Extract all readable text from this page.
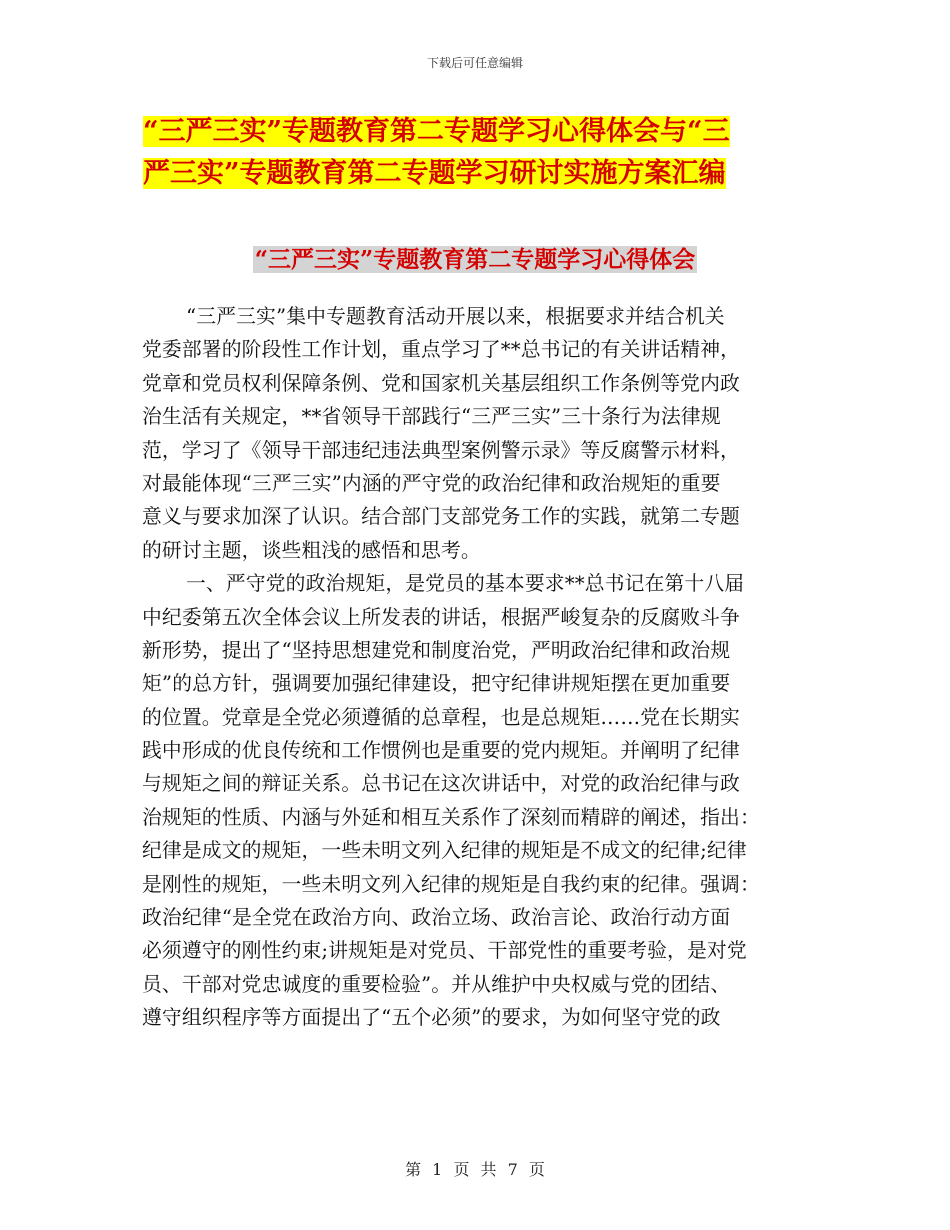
下载后可任意编辑
“三严三实”专题教育第二专题学习心得体会与“三
严三实”专题教育第二专题学习研讨实施方案汇编
“三严三实”专题教育第二专题学习心得体会
“三严三实”集中专题教育活动开展以来，根据要求并结合机关
党委部署的阶段性工作计划，重点学习了**总书记的有关讲话精神，
党章和党员权利保障条例、党和国家机关基层组织工作条例等党内政
治生活有关规定，**省领导干部践行“三严三实”三十条行为法律规
范，学习了《领导干部违纪违法典型案例警示录》等反腐警示材料，
对最能体现“三严三实”内涵的严守党的政治纪律和政治规矩的重要
意义与要求加深了认识。结合部门支部党务工作的实践，就第二专题
的研讨主题，谈些粗浅的感悟和思考。
一、严守党的政治规矩，是党员的基本要求**总书记在第十八届
中纪委第五次全体会议上所发表的讲话，根据严峻复杂的反腐败斗争
新形势，提出了“坚持思想建党和制度治党，严明政治纪律和政治规
矩”的总方针，强调要加强纪律建设，把守纪律讲规矩摆在更加重要
的位置。党章是全党必须遵循的总章程，也是总规矩……党在长期实
践中形成的优良传统和工作惯例也是重要的党内规矩。并阐明了纪律
与规矩之间的辩证关系。总书记在这次讲话中，对党的政治纪律与政
治规矩的性质、内涵与外延和相互关系作了深刻而精辟的阐述，指出：
纪律是成文的规矩，一些未明文列入纪律的规矩是不成文的纪律;纪律
是刚性的规矩，一些未明文列入纪律的规矩是自我约束的纪律。强调：
政治纪律“是全党在政治方向、政治立场、政治言论、政治行动方面
必须遵守的刚性约束;讲规矩是对党员、干部党性的重要考验，是对党
员、干部对党忠诚度的重要检验”。并从维护中央权威与党的团结、
遵守组织程序等方面提出了“五个必须”的要求，为如何坚守党的政
第 1 页 共 7 页
